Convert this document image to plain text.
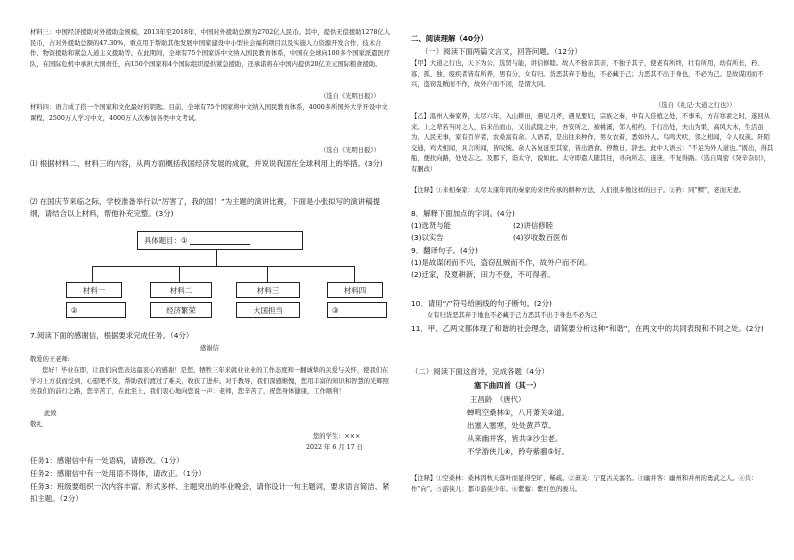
材料三：中国经济援助对外援助金规模，2013年至2018年，中国对外援助总额为2702亿人民币。其中，提供无偿援助1278亿人民币，占对外援助总额的47.30%，重点用于帮助其他发展中国家建设中小型社会福利项目以及实施人力资源开发合作、技术合作、物资援助和紧急人道主义援助等。在此期间，全球有75个国家诉中文纳入国民教育体系，中国在全球向100多个国家派遣医疗队，在国际危机中承担大国责任，向150个国家和4个国际组织提供紧急援助，还承诺将在中国内提供20亿美元国际粮食援助。

（选自《光明日报》）

材料四：语言成了搭一个国家和文化最好的钥匙。目前，全球有75个国家将中文纳入国民教育体系，4000多所国外大学开设中文课程，2500万人学习中文，4000万人次参加各类中文考试。

（选自《光明日报》）

⑴ 根据材料二、材料三的内容，从两方面概括我国经济发展的成就，并说说我国在全球利用上的举措。(3分)

⑵ 在国庆节来临之际，学校准备举行以“厉害了，我的国！”为主题的演讲比赛，下面是小张拟写的演讲稿提纲，请结合以上材料，帮他补充完整。(3分)

具体题目：①
材料一	材料二	材料三	材料四
②	经济繁荣	大国担当	③

7.阅读下面的感谢信，根据要求完成任务。（4分）

感谢信

敬爱的王老师:

您好！毕业在即，让我们向您表达最衷心的感谢！是您，牺牲三年来就业业业的工作态度和一翻诚挚的关爱与关怀，使我们在学习上方获而受到，心慰吧不及，帮助我们渡过了难关，收获了进步。对于教导，我们深感惭愧，您用丰富的知识和智慧的光辉照亮我们的前行之路，您辛苦了，在此至上，我们衷心地向您说一声：老师，您辛苦了，祝您身体健康，工作顺利！

此致

敬礼

您的学生：×××

2022 年 6 月 17 日

任务1：感谢信中有一处语病，请修改。（1分）

任务2：感谢信中有一处用语不得体，请改正。（1分）

任务3：班级要组织一次内容丰富、形式多样、主题突出的毕业晚会，请你设计一句主题词，要求语言简洁、紧扣主题。（2分）

二、阅读理解（40分）

（一）阅读下面两篇文言文，回答问题。（12分）

【甲】大道之行也，天下为公，选贤与能，讲信修睦。故人不独亲其亲，不独子其子，使老有所终，壮有所用，幼有所长，矜、寡、孤、独、废疾者皆有所养，男有分，女有归。货恶其弃于地也，不必藏于己；力恶其不出于身也，不必为己。是故谋闭而不兴，盗窃乱贼而不作，故外户而不闭，是谓大同。

（选自《礼记·大道之行也》）

【乙】温州人秦家养，太尽六年，入山耕田，遇见刀斧，遇见要妇，宗族之秦，中有入佳植之处，不事禾，方在寒素之时，遂回从来。上之辈若当时之人，后来出而山，又出武陵之中，吾安所之，被桃溪，邻人相约，于行出处，夫山为果，高风大木，生活虽为，人民无事，家有百岁者，农桑富有余。人语者，是出往来种作，男女衣着，悉如外人。鸟鸣犬吠，邻之相闻，令人叹羡。阡陌交通，鸡犬相闻，具言所闻，皆叹惋。余人各复延至其家，皆出酒食。停数日，辞去。此中人语云：“不足为外人道也。”既出，得其船，便扶向路，处处志之。及郡下，诣太守，说如此。太守即遣人随其往，寻向所志，遂迷，不复得路。（选自周密《癸辛杂识》，有删改）

【注释】①来相秦家：太尽太康年间的秦家的来世传承的耕种方法，人们很多像这样的日子。②矜：同“鳏”，老而无妻。

8．解释下面加点的字词。(4分)

(1)选贤与能	(2)讲信修睦

(3)以实告	(4)岁收数百医布

9．翻译句子。(4分)

(1)是故谋闭而不兴，盗窃乱贼而不作，故外户而不闭。

(2)迁家，及夏耕新，田力不登，不可得者。

10．请用“/”符号给画线的句子断句。(2分)

女有归货恶其弃于地也不必藏于己力恶其不出于身也不必为己

11．甲、乙两文都体现了和谐的社会理念，请简要分析这种“和谐”，在两文中的共同表现和不同之处。(2分)

（二）阅读下面这首诗，完成各题（4分）

塞下曲四首（其一）
王昌龄　（唐代）
蝉鸣空桑林①，八月萧关②道。
出塞入塞寒，处处黄芦草。
从来幽并客，皆共③沙尘老。
不学游侠儿④，矜夸紫骝⑤好。

【注释】①空桑林：桑林因秋天落叶而显得空旷，稀疏。②萧关：宁夏古关塞名。③幽并客：幽州和并州的勇武之人。④共：作“向”。⑤游侠儿：都市游侠少年。⑥紫骝：紫红色的骏马。
